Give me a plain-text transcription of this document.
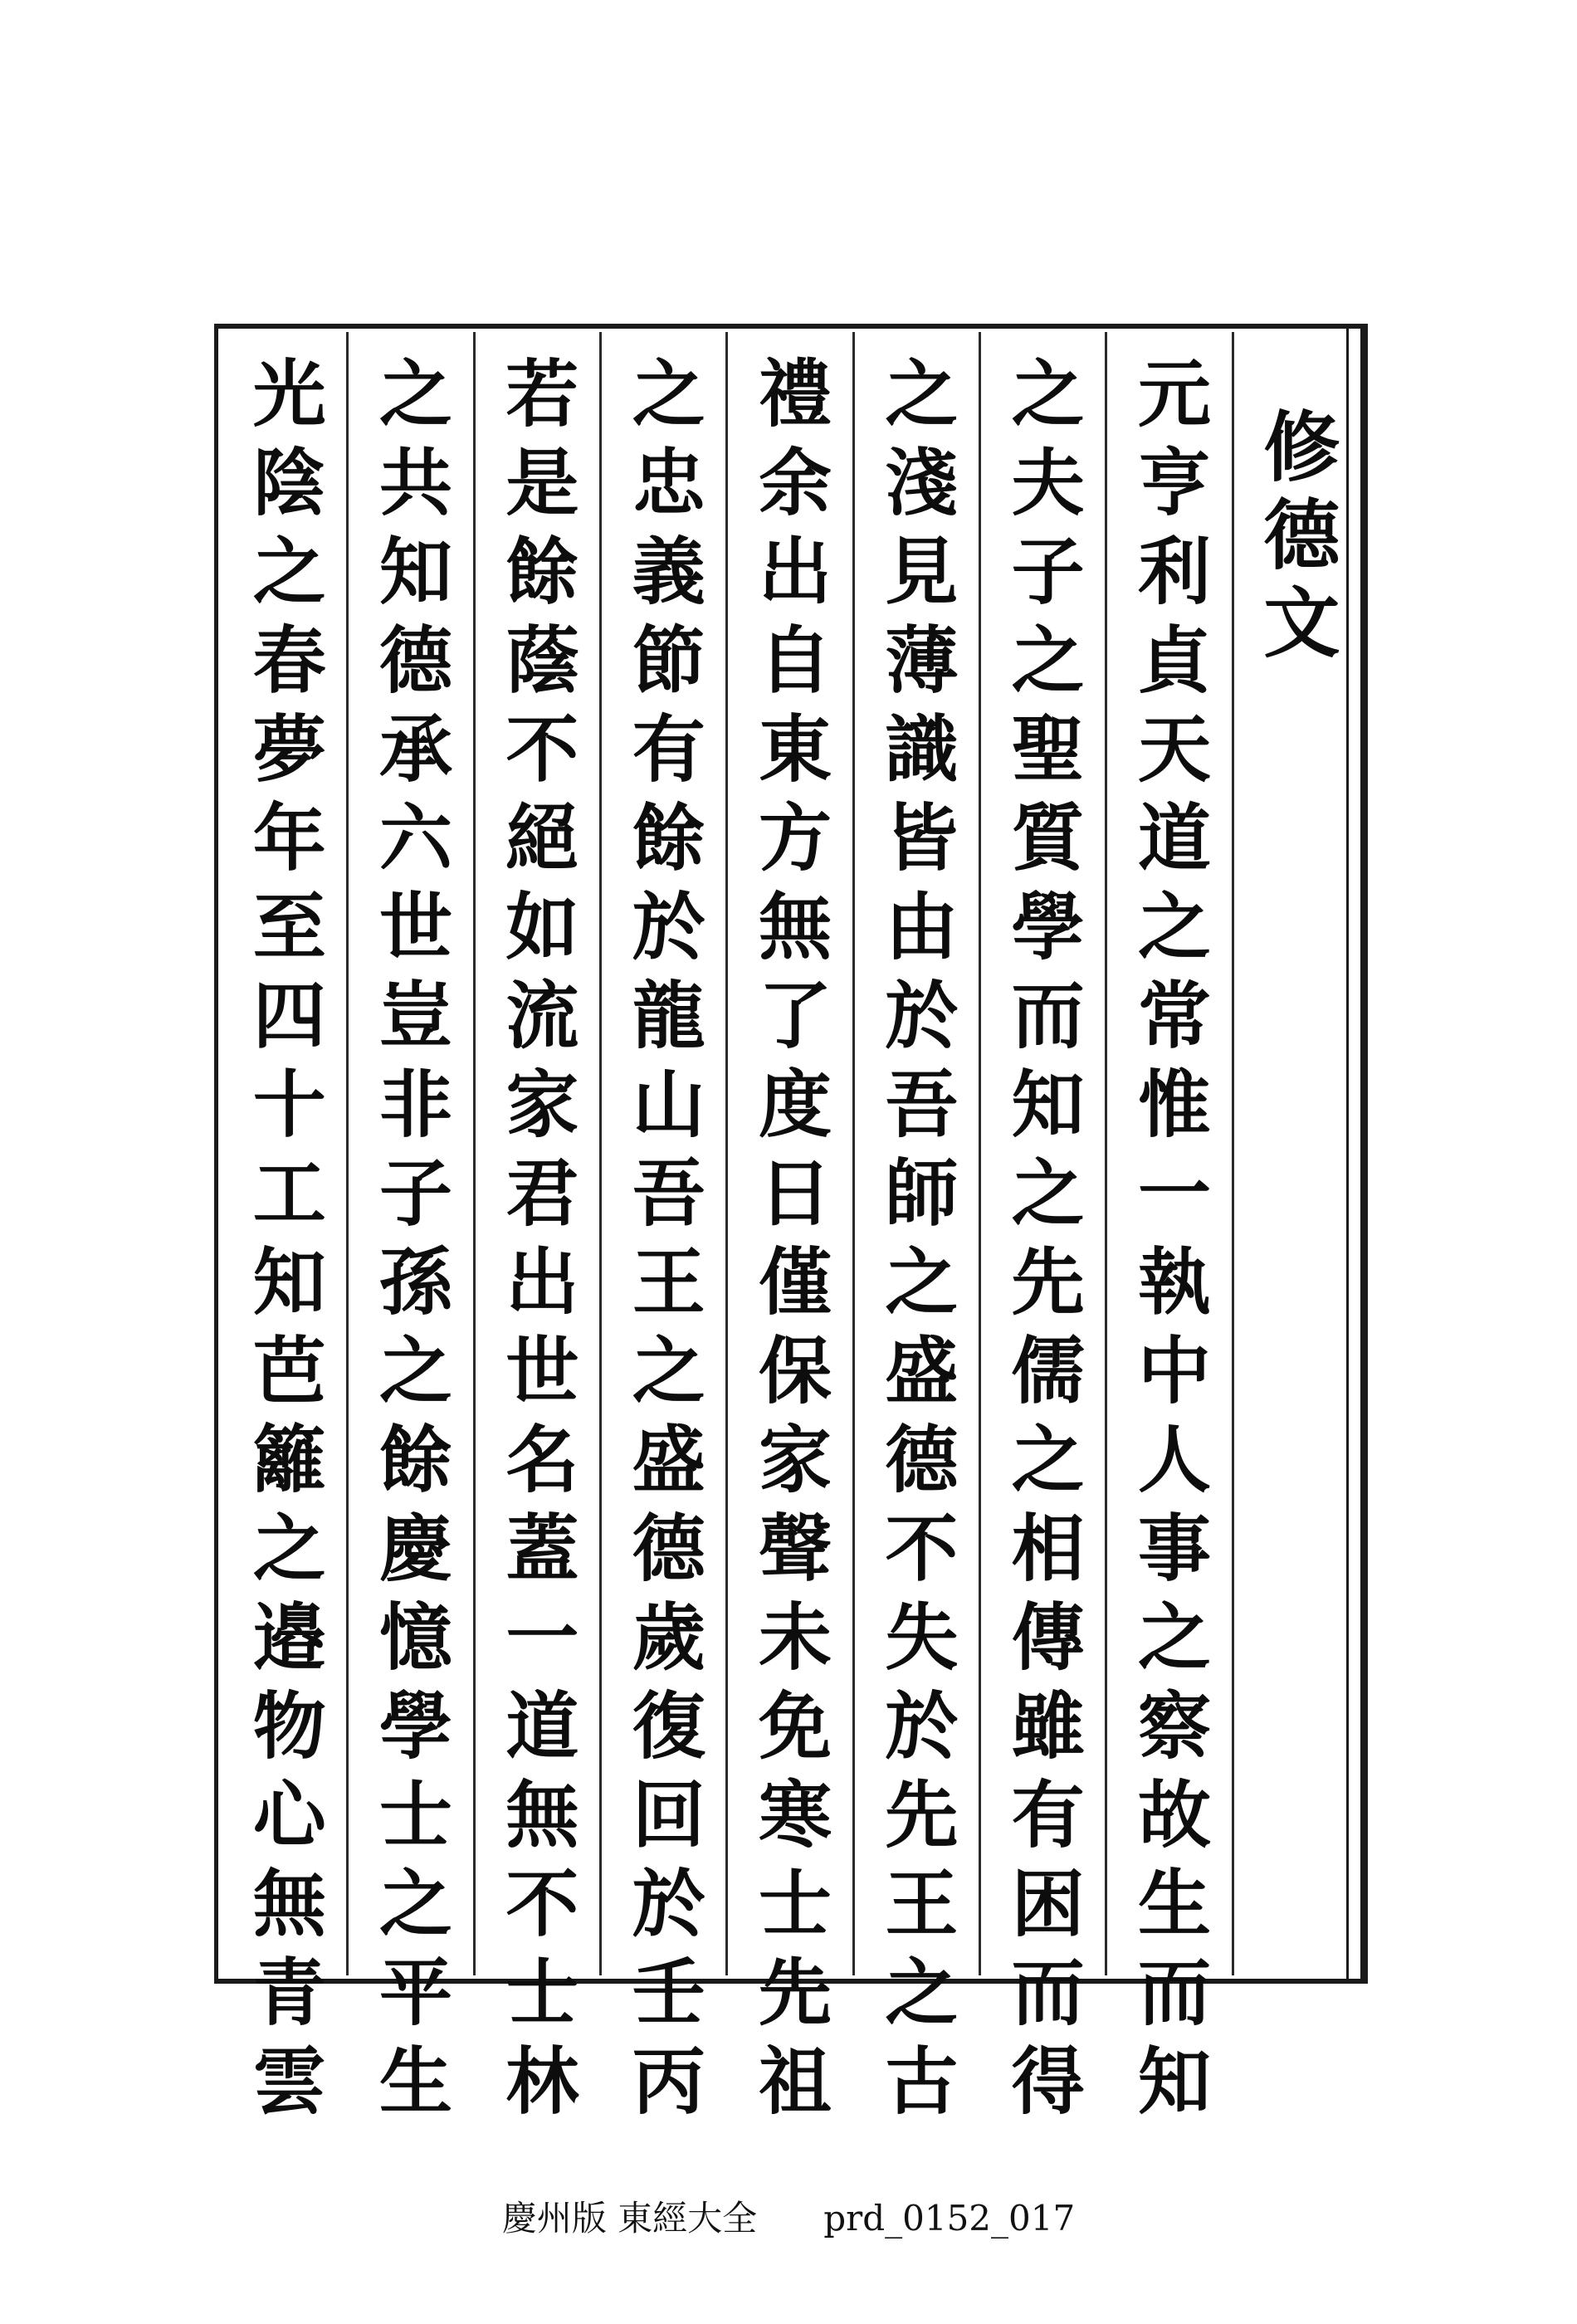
修德文
元亨利貞天道之常惟一執中人事之察故生而知
之夫子之聖質學而知之先儒之相傳雖有困而得
之淺見薄識皆由於吾師之盛德不失於先王之古
禮余出自東方無了度日僅保家聲未免寒士先祖
之忠義節有餘於龍山吾王之盛德歲復回於壬丙
若是餘蔭不絕如流家君出世名蓋一道無不士林
之共知德承六世豈非子孫之餘慶憶學士之平生
光陰之春夢年至四十工知芭籬之邉物心無青雲
慶州版 東經大全 prd_0152_017
